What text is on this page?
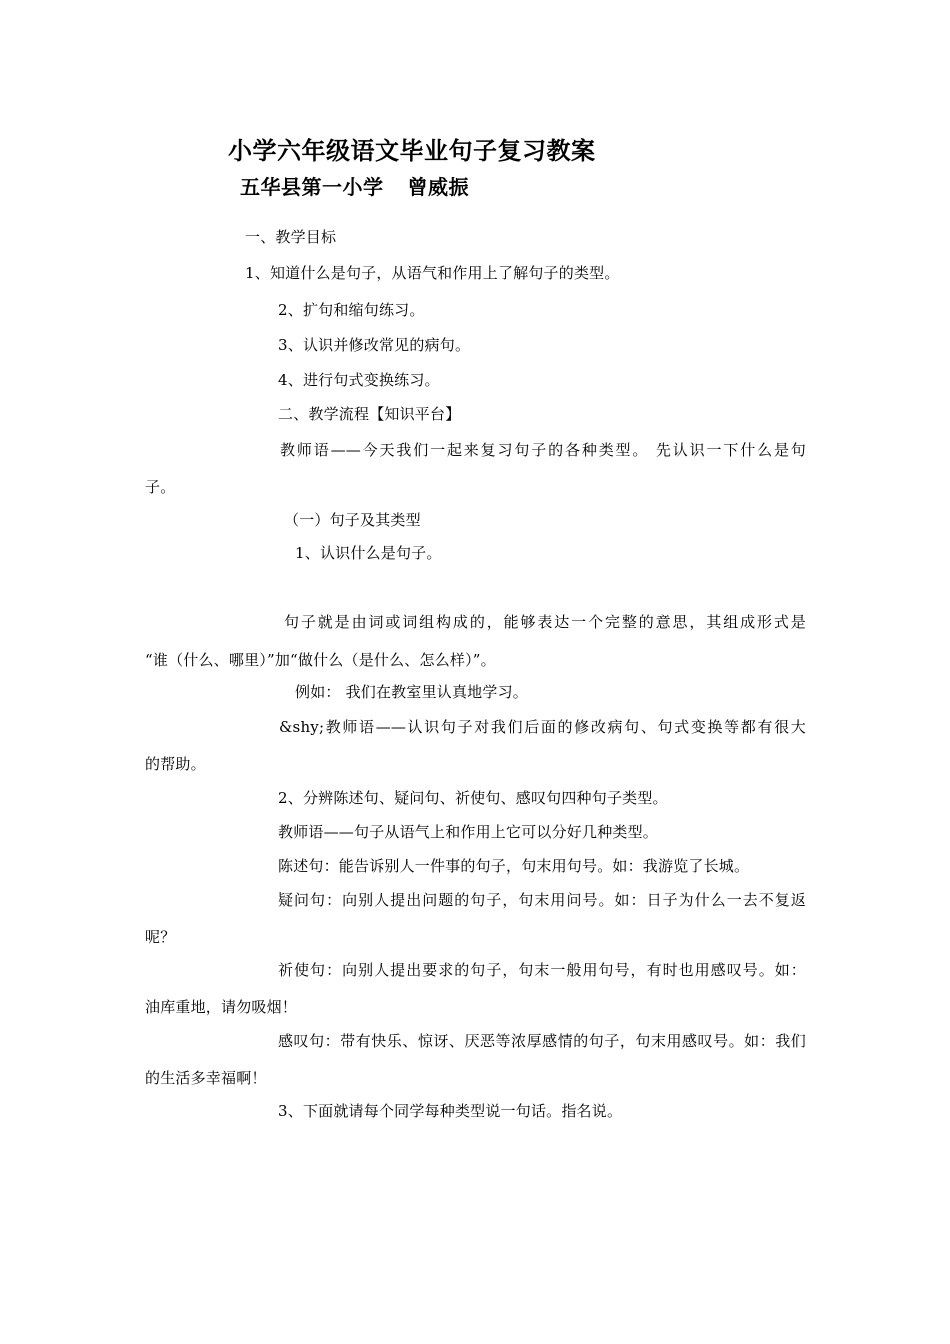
小学六年级语文毕业句子复习教案
五华县第一小学 曾威振
一、教学目标
1、知道什么是句子，从语气和作用上了解句子的类型。
2、扩句和缩句练习。
3、认识并修改常见的病句。
4、进行句式变换练习。
二、教学流程【知识平台】
教师语——今天我们一起来复习句子的各种类型。 先认识一下什么是句
子。
（一）句子及其类型
1、认识什么是句子。
句子就是由词或词组构成的，能够表达一个完整的意思，其组成形式是
“谁（什么、哪里）”加“做什么（是什么、怎么样）”。
例如： 我们在教室里认真地学习。
&shy;教师语——认识句子对我们后面的修改病句、句式变换等都有很大
的帮助。
2、分辨陈述句、疑问句、祈使句、感叹句四种句子类型。
教师语——句子从语气上和作用上它可以分好几种类型。
陈述句：能告诉别人一件事的句子，句末用句号。如：我游览了长城。
疑问句：向别人提出问题的句子，句末用问号。如：日子为什么一去不复返
呢？
祈使句：向别人提出要求的句子，句末一般用句号，有时也用感叹号。如：
油库重地，请勿吸烟！
感叹句：带有快乐、惊讶、厌恶等浓厚感情的句子，句末用感叹号。如：我们
的生活多幸福啊！
3、下面就请每个同学每种类型说一句话。指名说。
